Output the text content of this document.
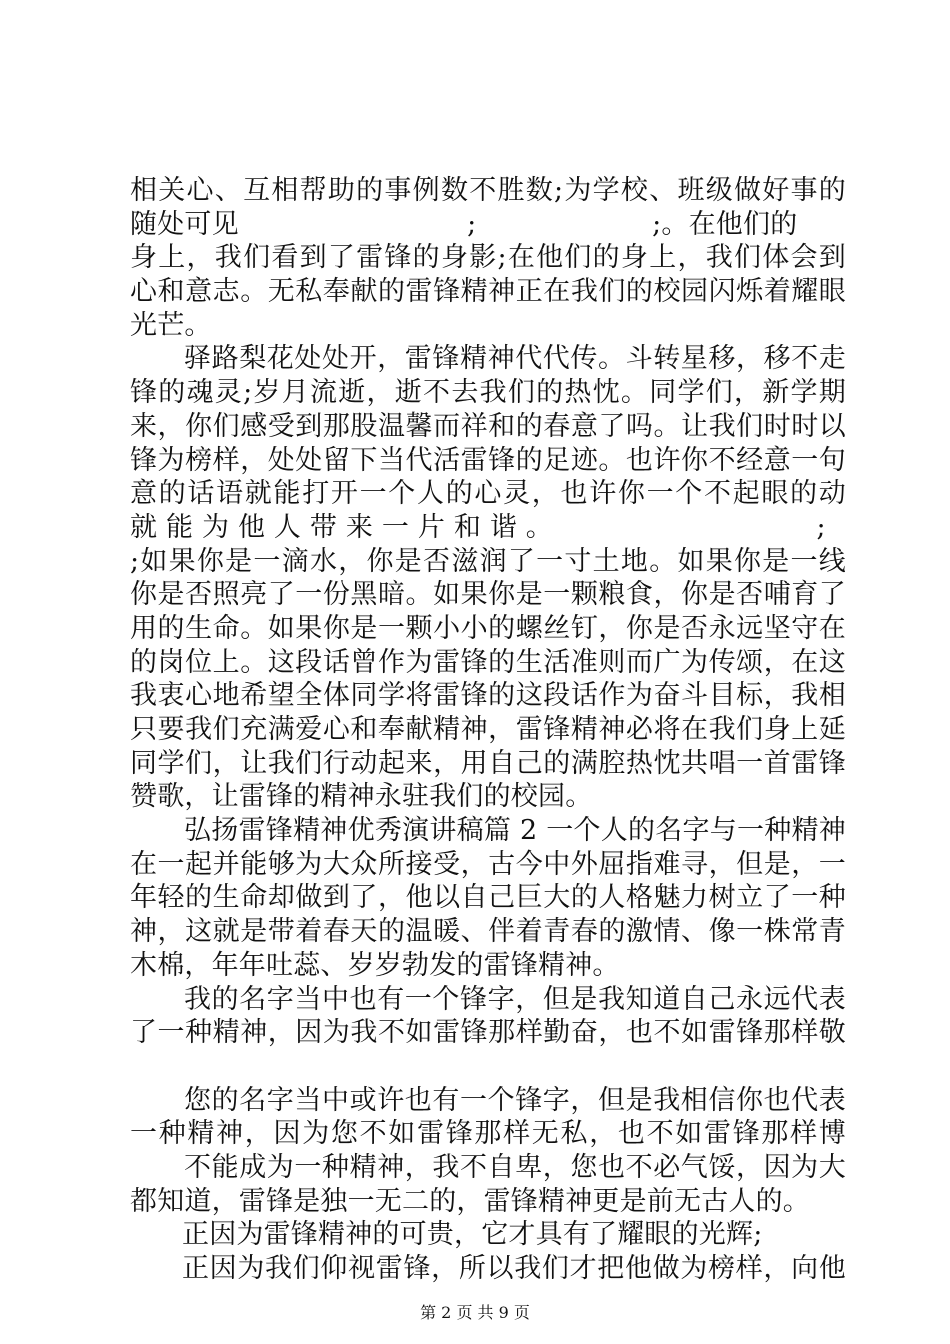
相关心、互相帮助的事例数不胜数;为学校、班级做好事的
随处可见                          ;                    ;。在他们的
身上，我们看到了雷锋的身影;在他们的身上，我们体会到
心和意志。无私奉献的雷锋精神正在我们的校园闪烁着耀眼
光芒。
驿路梨花处处开，雷锋精神代代传。斗转星移，移不走
锋的魂灵;岁月流逝，逝不去我们的热忱。同学们，新学期
来，你们感受到那股温馨而祥和的春意了吗。让我们时时以
锋为榜样，处处留下当代活雷锋的足迹。也许你不经意一句
意的话语就能打开一个人的心灵，也许你一个不起眼的动
就 能 为 他 人 带 来 一 片 和 谐 。                              ;
;如果你是一滴水，你是否滋润了一寸土地。如果你是一线
你是否照亮了一份黑暗。如果你是一颗粮食，你是否哺育了
用的生命。如果你是一颗小小的螺丝钉，你是否永远坚守在
的岗位上。这段话曾作为雷锋的生活准则而广为传颂，在这
我衷心地希望全体同学将雷锋的这段话作为奋斗目标，我相
只要我们充满爱心和奉献精神，雷锋精神必将在我们身上延
同学们，让我们行动起来，用自己的满腔热忱共唱一首雷锋
赞歌，让雷锋的精神永驻我们的校园。
弘扬雷锋精神优秀演讲稿篇 2 一个人的名字与一种精神
在一起并能够为大众所接受，古今中外屈指难寻，但是，一
年轻的生命却做到了，他以自己巨大的人格魅力树立了一种
神，这就是带着春天的温暖、伴着青春的激情、像一株常青
木棉，年年吐蕊、岁岁勃发的雷锋精神。
我的名字当中也有一个锋字，但是我知道自己永远代表
了一种精神，因为我不如雷锋那样勤奋，也不如雷锋那样敬
您的名字当中或许也有一个锋字，但是我相信你也代表
一种精神，因为您不如雷锋那样无私，也不如雷锋那样博
不能成为一种精神，我不自卑，您也不必气馁，因为大
都知道，雷锋是独一无二的，雷锋精神更是前无古人的。
正因为雷锋精神的可贵，它才具有了耀眼的光辉;
正因为我们仰视雷锋，所以我们才把他做为榜样，向他
第 2 页 共 9 页
